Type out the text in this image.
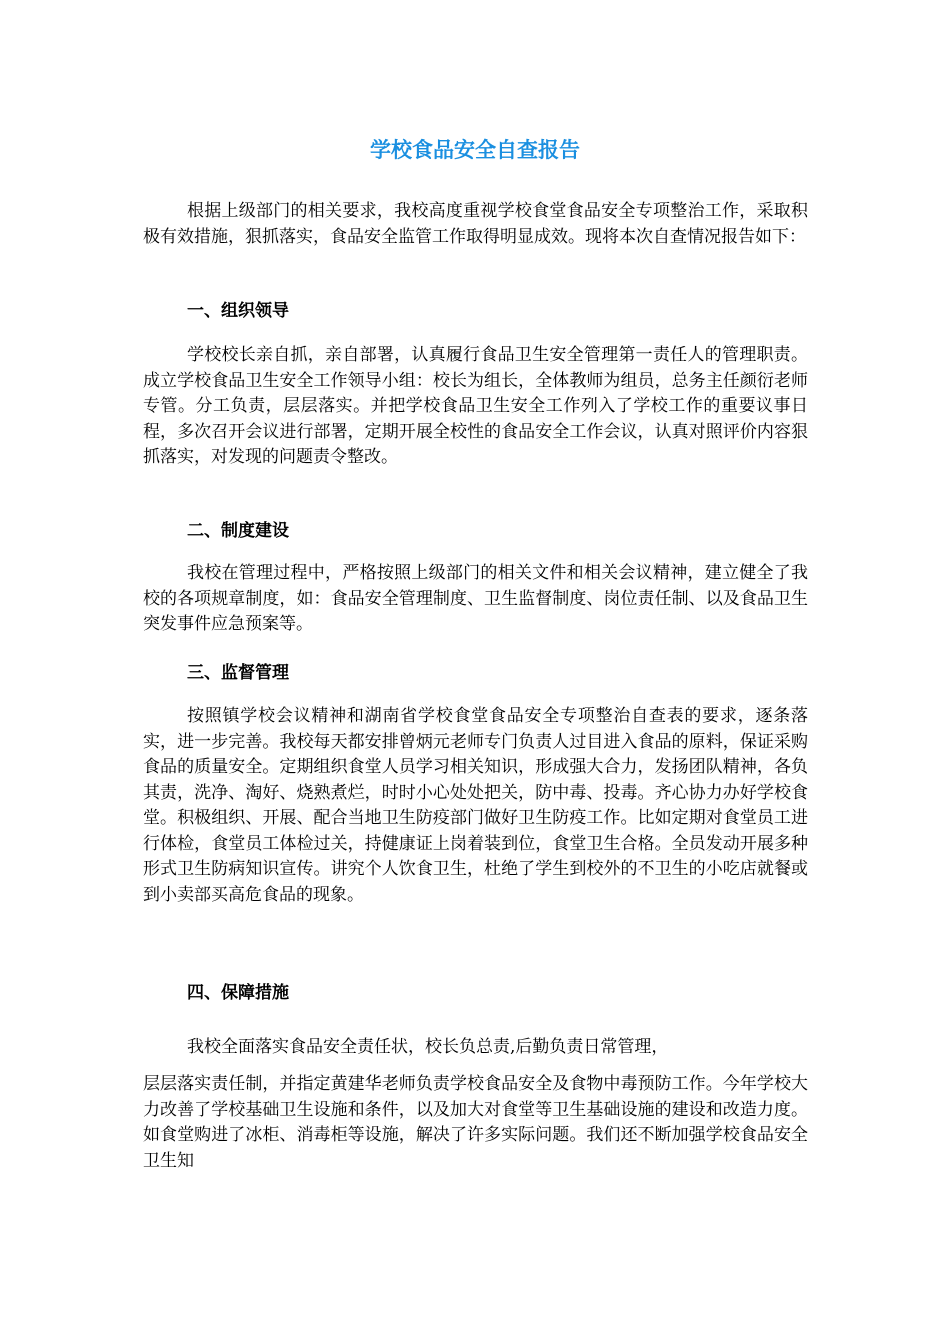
学校食品安全自查报告

根据上级部门的相关要求，我校高度重视学校食堂食品安全专项整治工作，采取积极有效措施，狠抓落实，食品安全监管工作取得明显成效。现将本次自查情况报告如下：

一、组织领导

学校校长亲自抓，亲自部署，认真履行食品卫生安全管理第一责任人的管理职责。成立学校食品卫生安全工作领导小组：校长为组长，全体教师为组员，总务主任颜衍老师专管。分工负责，层层落实。并把学校食品卫生安全工作列入了学校工作的重要议事日程，多次召开会议进行部署，定期开展全校性的食品安全工作会议，认真对照评价内容狠抓落实，对发现的问题责令整改。

二、制度建设

我校在管理过程中，严格按照上级部门的相关文件和相关会议精神，建立健全了我校的各项规章制度，如：食品安全管理制度、卫生监督制度、岗位责任制、以及食品卫生突发事件应急预案等。

三、监督管理

按照镇学校会议精神和湖南省学校食堂食品安全专项整治自查表的要求，逐条落实，进一步完善。我校每天都安排曾炳元老师专门负责人过目进入食品的原料，保证采购食品的质量安全。定期组织食堂人员学习相关知识，形成强大合力，发扬团队精神，各负其责，洗净、淘好、烧熟煮烂，时时小心处处把关，防中毒、投毒。齐心协力办好学校食堂。积极组织、开展、配合当地卫生防疫部门做好卫生防疫工作。比如定期对食堂员工进行体检，食堂员工体检过关，持健康证上岗着装到位，食堂卫生合格。全员发动开展多种形式卫生防病知识宣传。讲究个人饮食卫生，杜绝了学生到校外的不卫生的小吃店就餐或到小卖部买高危食品的现象。

四、保障措施

我校全面落实食品安全责任状，校长负总责,后勤负责日常管理，

层层落实责任制，并指定黄建华老师负责学校食品安全及食物中毒预防工作。今年学校大力改善了学校基础卫生设施和条件，以及加大对食堂等卫生基础设施的建设和改造力度。如食堂购进了冰柜、消毒柜等设施，解决了许多实际问题。我们还不断加强学校食品安全卫生知
